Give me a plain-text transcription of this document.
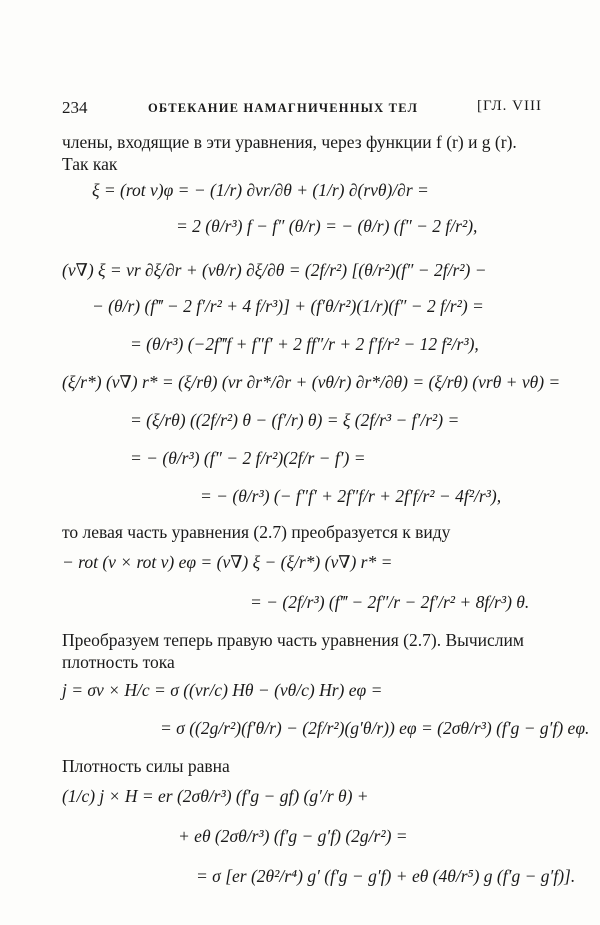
234	ОБТЕКАНИЕ НАМАГНИЧЕННЫХ ТЕЛ	[ГЛ. VIII
члены, входящие в эти уравнения, через функции f (r) и g (r).
Так как
ξ = (rot v)φ = − (1/r) ∂vr/∂θ + (1/r) ∂(rvθ)/∂r =
= 2 (θ/r³) f − f″ (θ/r) = − (θ/r) (f″ − 2 f/r²),
(v∇) ξ = vr ∂ξ/∂r + (vθ/r) ∂ξ/∂θ = (2f/r²) [(θ/r²)(f″ − 2f/r²) −
− (θ/r) (f‴ − 2 f′/r² + 4 f/r³)] + (f′θ/r²)(1/r)(f″ − 2 f/r²) =
= (θ/r³) (−2f‴f + f″f′ + 2 ff″/r + 2 f′f/r² − 12 f²/r³),
(ξ/r*) (v∇) r* = (ξ/rθ) (vr ∂r*/∂r + (vθ/r) ∂r*/∂θ) = (ξ/rθ) (vrθ + vθ) =
= (ξ/rθ) ((2f/r²) θ − (f′/r) θ) = ξ (2f/r³ − f′/r²) =
= − (θ/r³) (f″ − 2 f/r²)(2f/r − f′) =
= − (θ/r³) (− f″f′ + 2f″f/r + 2f′f/r² − 4f²/r³),
то левая часть уравнения (2.7) преобразуется к виду
− rot (v × rot v) eφ = (v∇) ξ − (ξ/r*) (v∇) r* =
= − (2f/r³) (f‴ − 2f″/r − 2f′/r² + 8f/r³) θ.
Преобразуем теперь правую часть уравнения (2.7). Вычислим
плотность тока
j = σv × H/c = σ ((vr/c) Hθ − (vθ/c) Hr) eφ =
= σ ((2g/r²)(f′θ/r) − (2f/r²)(g′θ/r)) eφ = (2σθ/r³) (f′g − g′f) eφ.
Плотность силы равна
(1/c) j × H = er (2σθ/r³) (f′g − gf) (g′/r θ) +
+ eθ (2σθ/r³) (f′g − g′f) (2g/r²) =
= σ [er (2θ²/r⁴) g′ (f′g − g′f) + eθ (4θ/r⁵) g (f′g − g′f)].
